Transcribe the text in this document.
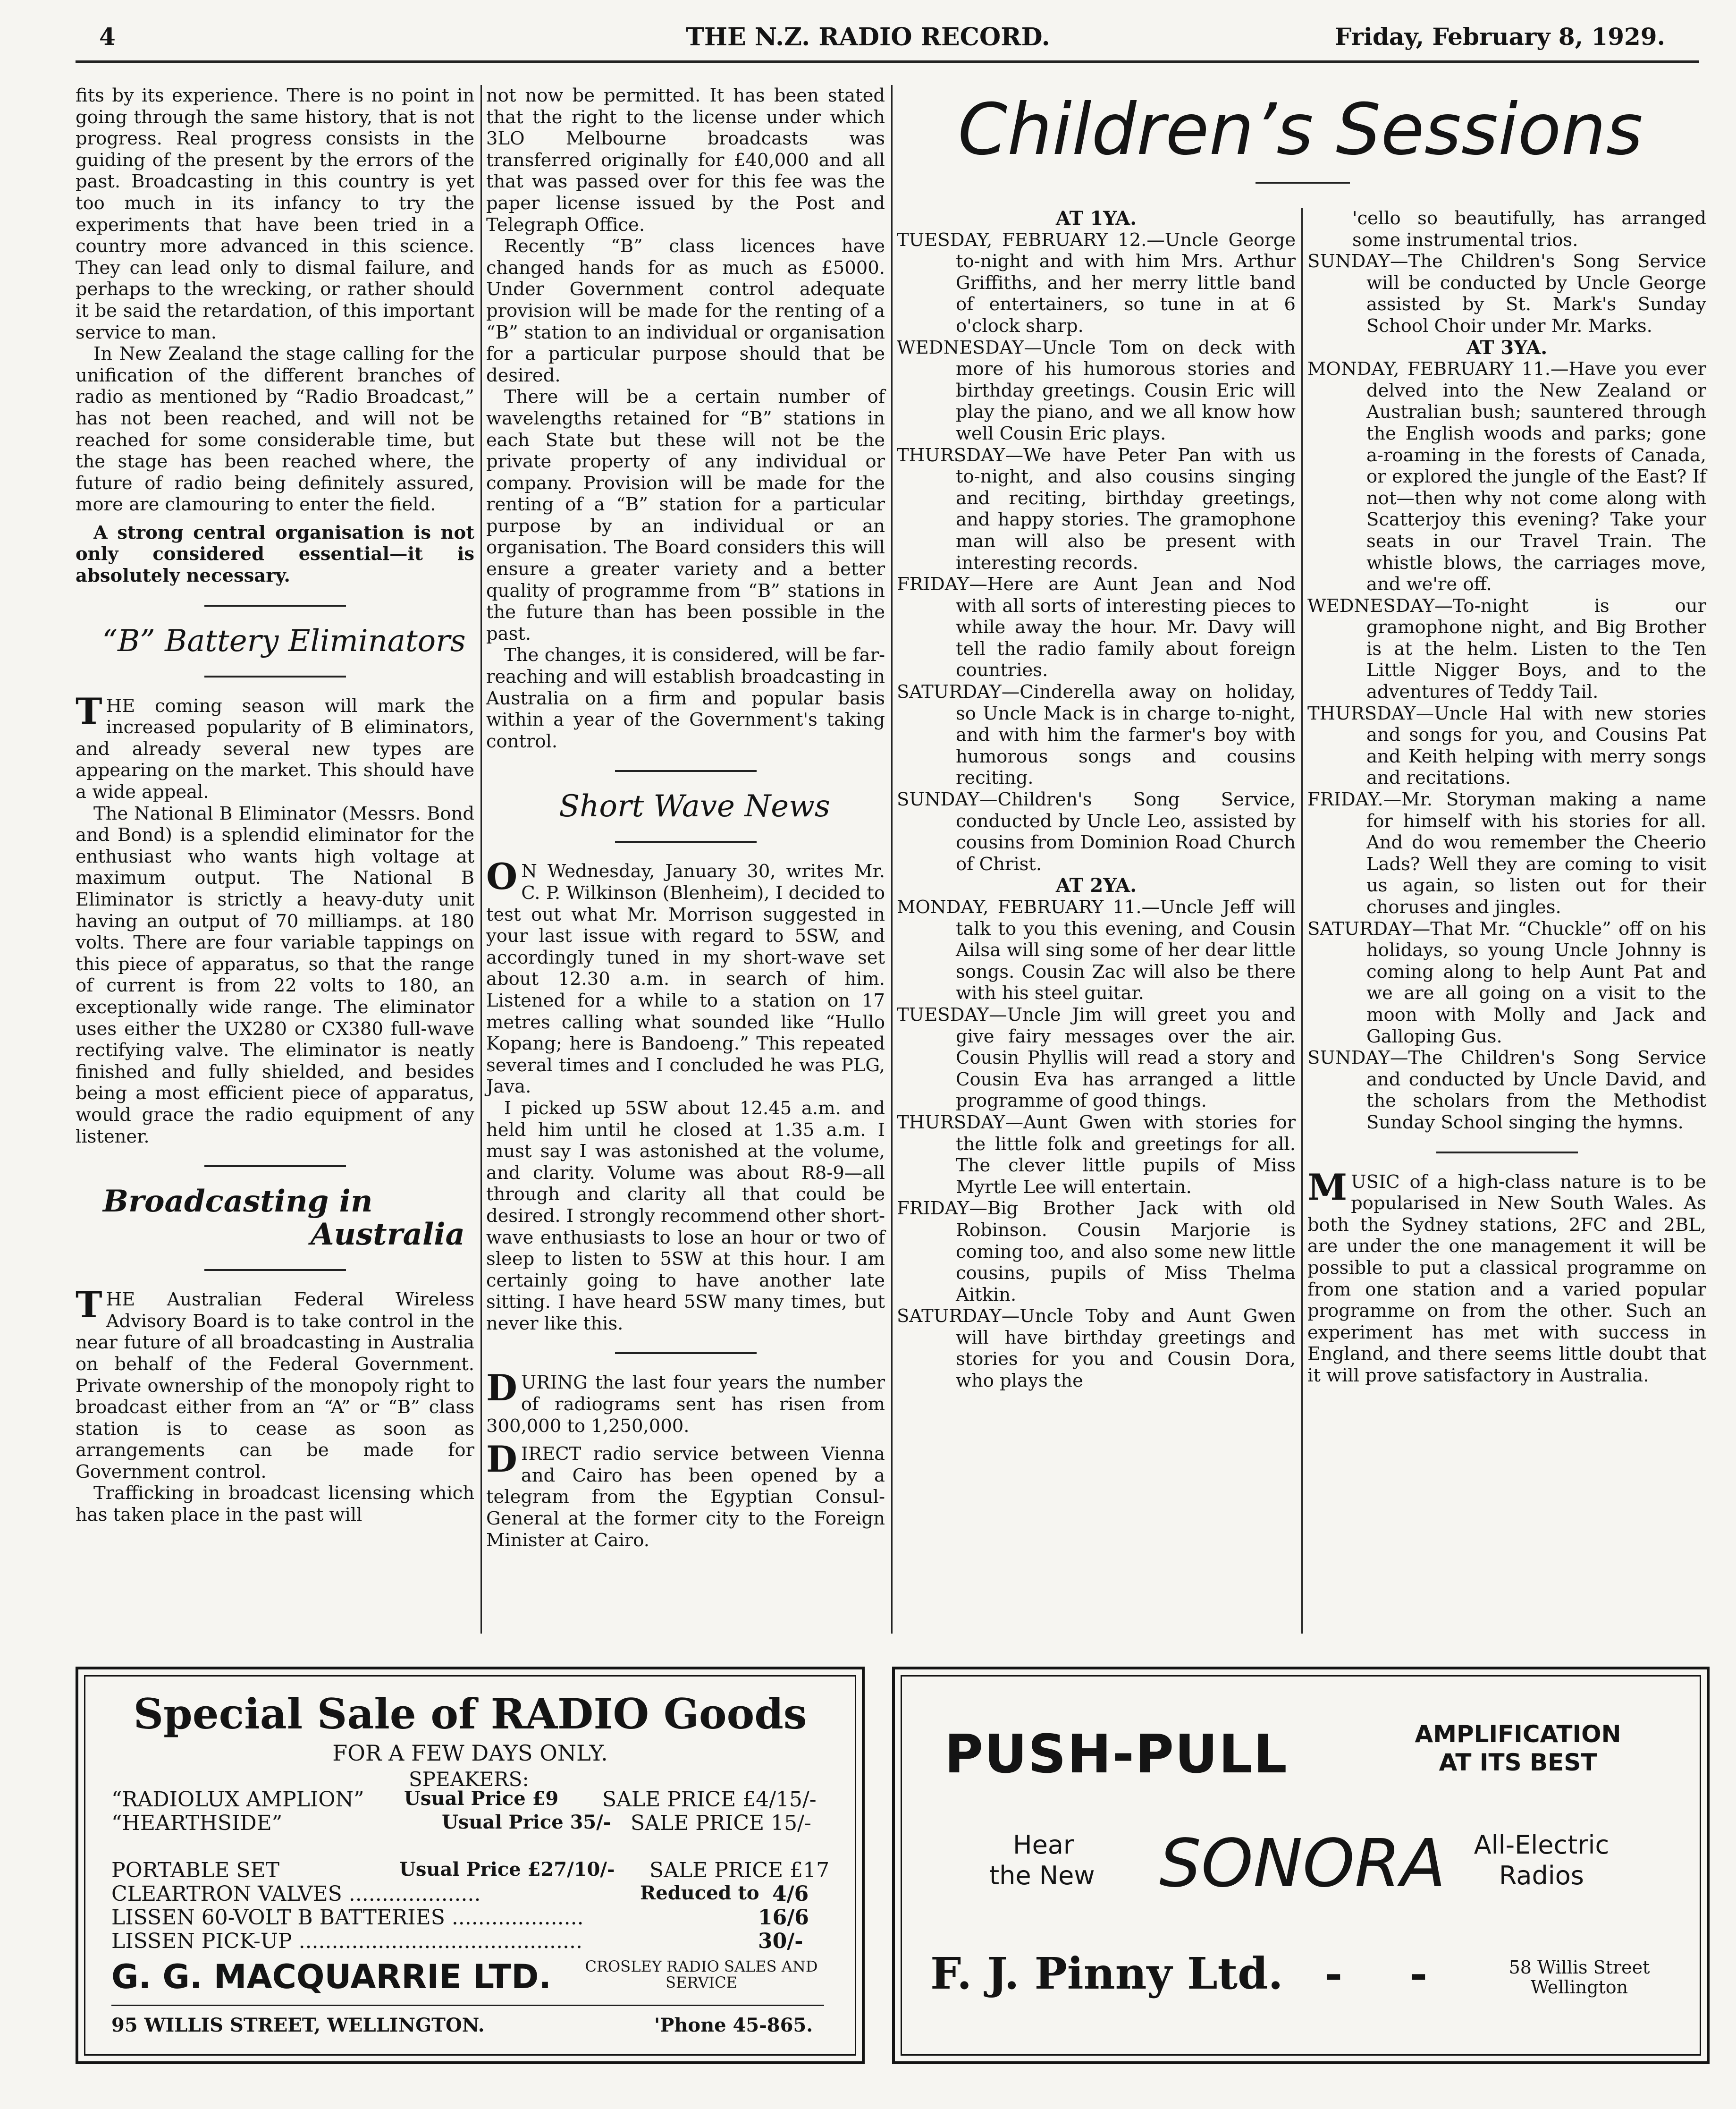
4	THE N.Z. RADIO RECORD.	Friday, February 8, 1929.

fits by its experience. There is no point in going through the same history, that is not progress. Real progress consists in the guiding of the present by the errors of the past. Broadcasting in this country is yet too much in its infancy to try the experiments that have been tried in a country more advanced in this science. They can lead only to dismal failure, and perhaps to the wrecking, or rather should it be said the retardation, of this important service to man.

In New Zealand the stage calling for the unification of the different branches of radio as mentioned by “Radio Broadcast,” has not been reached, and will not be reached for some considerable time, but the stage has been reached where, the future of radio being definitely assured, more are clamouring to enter the field.

A strong central organisation is not only considered essential—it is absolutely necessary.

“B” Battery Eliminators

THE coming season will mark the increased popularity of B eliminators, and already several new types are appearing on the market. This should have a wide appeal.

The National B Eliminator (Messrs. Bond and Bond) is a splendid eliminator for the enthusiast who wants high voltage at maximum output. The National B Eliminator is strictly a heavy-duty unit having an output of 70 milliamps. at 180 volts. There are four variable tappings on this piece of apparatus, so that the range of current is from 22 volts to 180, an exceptionally wide range. The eliminator uses either the UX280 or CX380 full-wave rectifying valve. The eliminator is neatly finished and fully shielded, and besides being a most efficient piece of apparatus, would grace the radio equipment of any listener.

Broadcasting in

Australia

THE Australian Federal Wireless Advisory Board is to take control in the near future of all broadcasting in Australia on behalf of the Federal Government. Private ownership of the monopoly right to broadcast either from an “A” or “B” class station is to cease as soon as arrangements can be made for Government control.

Trafficking in broadcast licensing which has taken place in the past will

not now be permitted. It has been stated that the right to the license under which 3LO Melbourne broadcasts was transferred originally for £40,000 and all that was passed over for this fee was the paper license issued by the Post and Telegraph Office.

Recently “B” class licences have changed hands for as much as £5000. Under Government control adequate provision will be made for the renting of a “B” station to an individual or organisation for a particular purpose should that be desired.

There will be a certain number of wavelengths retained for “B” stations in each State but these will not be the private property of any individual or company. Provision will be made for the renting of a “B” station for a particular purpose by an individual or an organisation. The Board considers this will ensure a greater variety and a better quality of programme from “B” stations in the future than has been possible in the past.

The changes, it is considered, will be far-reaching and will establish broadcasting in Australia on a firm and popular basis within a year of the Government's taking control.

Short Wave News

O N Wednesday, January 30, writes Mr. C. P. Wilkinson (Blenheim), I decided to test out what Mr. Morrison suggested in your last issue with regard to 5SW, and accordingly tuned in my short-wave set about 12.30 a.m. in search of him. Listened for a while to a station on 17 metres calling what sounded like “Hullo Kopang; here is Bandoeng.” This repeated several times and I concluded he was PLG, Java.

I picked up 5SW about 12.45 a.m. and held him until he closed at 1.35 a.m. I must say I was astonished at the volume, and clarity. Volume was about R8-9—all through and clarity all that could be desired. I strongly recommend other short-wave enthusiasts to lose an hour or two of sleep to listen to 5SW at this hour. I am certainly going to have another late sitting. I have heard 5SW many times, but never like this.

DURING the last four years the number of radiograms sent has risen from 300,000 to 1,250,000.

DIRECT radio service between Vienna and Cairo has been opened by a telegram from the Egyptian Consul-General at the former city to the Foreign Minister at Cairo.

Children’s Sessions

AT 1YA.

TUESDAY, FEBRUARY 12.—Uncle George to-night and with him Mrs. Arthur Griffiths, and her merry little band of entertainers, so tune in at 6 o'clock sharp.

WEDNESDAY—Uncle Tom on deck with more of his humorous stories and birthday greetings. Cousin Eric will play the piano, and we all know how well Cousin Eric plays.

THURSDAY—We have Peter Pan with us to-night, and also cousins singing and reciting, birthday greetings, and happy stories. The gramophone man will also be present with interesting records.

FRIDAY—Here are Aunt Jean and Nod with all sorts of interesting pieces to while away the hour. Mr. Davy will tell the radio family about foreign countries.

SATURDAY—Cinderella away on holiday, so Uncle Mack is in charge to-night, and with him the farmer's boy with humorous songs and cousins reciting.

SUNDAY—Children's Song Service, conducted by Uncle Leo, assisted by cousins from Dominion Road Church of Christ.

AT 2YA.

MONDAY, FEBRUARY 11.—Uncle Jeff will talk to you this evening, and Cousin Ailsa will sing some of her dear little songs. Cousin Zac will also be there with his steel guitar.

TUESDAY—Uncle Jim will greet you and give fairy messages over the air. Cousin Phyllis will read a story and Cousin Eva has arranged a little programme of good things.

THURSDAY—Aunt Gwen with stories for the little folk and greetings for all. The clever little pupils of Miss Myrtle Lee will entertain.

FRIDAY—Big Brother Jack with old Robinson. Cousin Marjorie is coming too, and also some new little cousins, pupils of Miss Thelma Aitkin.

SATURDAY—Uncle Toby and Aunt Gwen will have birthday greetings and stories for you and Cousin Dora, who plays the

'cello so beautifully, has arranged some instrumental trios.

SUNDAY—The Children's Song Service will be conducted by Uncle George assisted by St. Mark's Sunday School Choir under Mr. Marks.

AT 3YA.

MONDAY, FEBRUARY 11.—Have you ever delved into the New Zealand or Australian bush; sauntered through the English woods and parks; gone a-roaming in the forests of Canada, or explored the jungle of the East? If not—then why not come along with Scatterjoy this evening? Take your seats in our Travel Train. The whistle blows, the carriages move, and we're off.

WEDNESDAY—To-night is our gramophone night, and Big Brother is at the helm. Listen to the Ten Little Nigger Boys, and to the adventures of Teddy Tail.

THURSDAY—Uncle Hal with new stories and songs for you, and Cousins Pat and Keith helping with merry songs and recitations.

FRIDAY.—Mr. Storyman making a name for himself with his stories for all. And do wou remember the Cheerio Lads? Well they are coming to visit us again, so listen out for their choruses and jingles.

SATURDAY—That Mr. “Chuckle” off on his holidays, so young Uncle Johnny is coming along to help Aunt Pat and we are all going on a visit to the moon with Molly and Jack and Galloping Gus.

SUNDAY—The Children's Song Service and conducted by Uncle David, and the scholars from the Methodist Sunday School singing the hymns.

MUSIC of a high-class nature is to be popularised in New South Wales. As both the Sydney stations, 2FC and 2BL, are under the one management it will be possible to put a classical programme on from one station and a varied popular programme on from the other. Such an experiment has met with success in England, and there seems little doubt that it will prove satisfactory in Australia.

Special Sale of RADIO Goods
FOR A FEW DAYS ONLY.
SPEAKERS:
“RADIOLUX AMPLION” Usual Price £9 SALE PRICE £4/15/-
“HEARTHSIDE”	Usual Price 35/- SALE PRICE 15/-
PORTABLE SET	Usual Price £27/10/- SALE PRICE £17
CLEARTRON VALVES ....................	Reduced to 4/6
LISSEN 60-VOLT B BATTERIES ....................	16/6
LISSEN PICK-UP ...........................................	30/-
G. G. MACQUARRIE LTD.	CROSLEY RADIO SALES AND SERVICE
95 WILLIS STREET, WELLINGTON.	'Phone 45-865.
PUSH-PULL	AMPLIFICATION
AT ITS BEST
Hear
the New SONORA	All-Electric
Radios
F. J. Pinny Ltd. - -	58 Willis Street
Wellington
